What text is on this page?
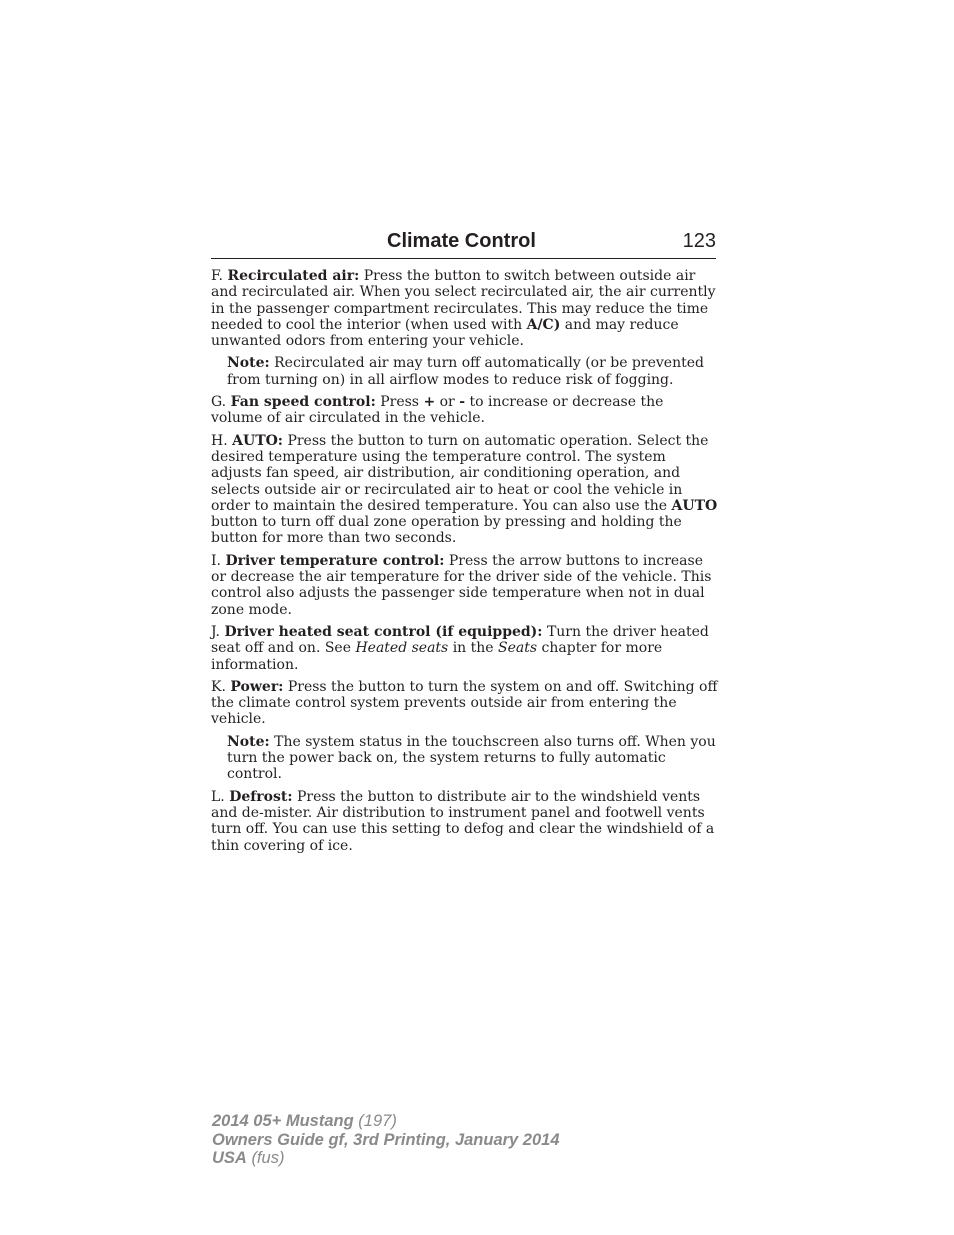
Climate Control	123

F. Recirculated air: Press the button to switch between outside air and recirculated air. When you select recirculated air, the air currently in the passenger compartment recirculates. This may reduce the time needed to cool the interior (when used with A/C) and may reduce unwanted odors from entering your vehicle.

Note: Recirculated air may turn off automatically (or be prevented from turning on) in all airflow modes to reduce risk of fogging.

G. Fan speed control: Press + or - to increase or decrease the volume of air circulated in the vehicle.

H. AUTO: Press the button to turn on automatic operation. Select the desired temperature using the temperature control. The system adjusts fan speed, air distribution, air conditioning operation, and selects outside air or recirculated air to heat or cool the vehicle in order to maintain the desired temperature. You can also use the AUTO button to turn off dual zone operation by pressing and holding the button for more than two seconds.

I. Driver temperature control: Press the arrow buttons to increase or decrease the air temperature for the driver side of the vehicle. This control also adjusts the passenger side temperature when not in dual zone mode.

J. Driver heated seat control (if equipped): Turn the driver heated seat off and on. See Heated seats in the Seats chapter for more information.

K. Power: Press the button to turn the system on and off. Switching off the climate control system prevents outside air from entering the vehicle.

Note: The system status in the touchscreen also turns off. When you turn the power back on, the system returns to fully automatic control.

L. Defrost: Press the button to distribute air to the windshield vents and de-mister. Air distribution to instrument panel and footwell vents turn off. You can use this setting to defog and clear the windshield of a thin covering of ice.

2014 05+ Mustang (197)
Owners Guide gf, 3rd Printing, January 2014
USA (fus)
